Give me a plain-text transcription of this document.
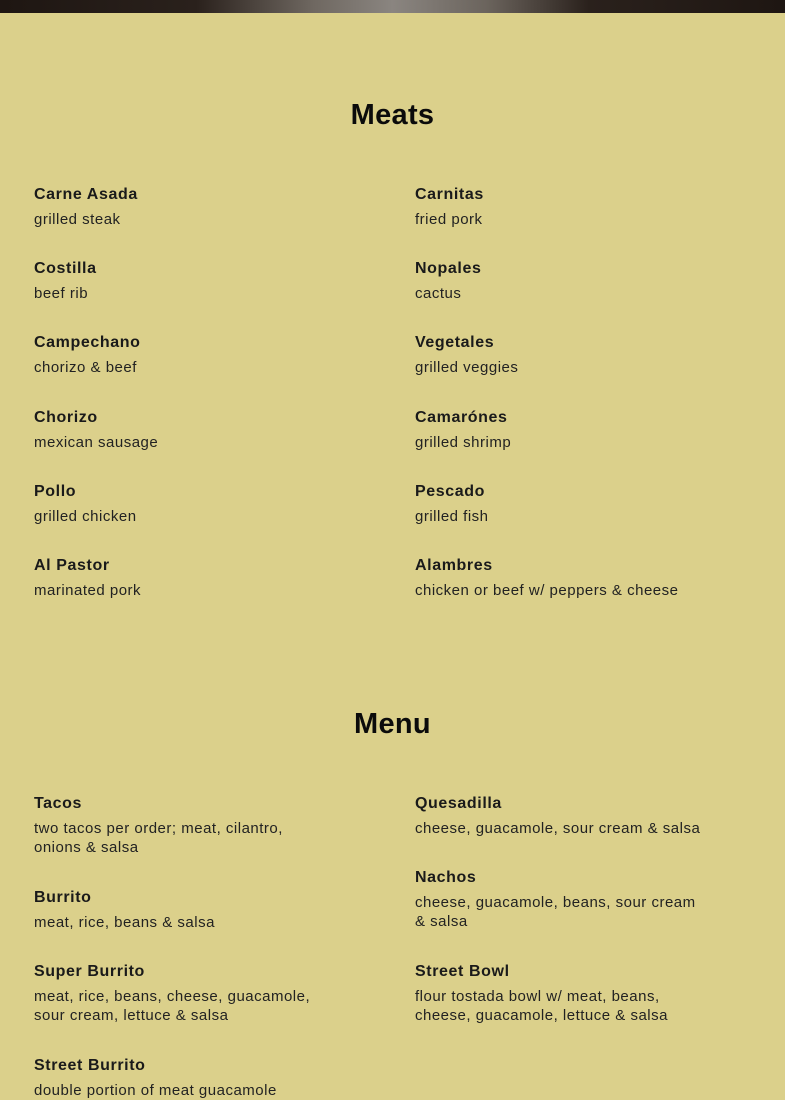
Meats
Carne Asada
grilled steak
Carnitas
fried pork
Costilla
beef rib
Nopales
cactus
Campechano
chorizo & beef
Vegetales
grilled veggies
Chorizo
mexican sausage
Camarónes
grilled shrimp
Pollo
grilled chicken
Pescado
grilled fish
Al Pastor
marinated pork
Alambres
chicken or beef w/ peppers & cheese
Menu
Tacos
two tacos per order; meat, cilantro, onions & salsa
Quesadilla
cheese, guacamole, sour cream & salsa
Nachos
cheese, guacamole, beans, sour cream & salsa
Burrito
meat, rice, beans & salsa
Super Burrito
meat, rice, beans, cheese, guacamole, sour cream, lettuce & salsa
Street Bowl
flour tostada bowl w/ meat, beans, cheese, guacamole, lettuce & salsa
Street Burrito
double portion of meat guacamole
